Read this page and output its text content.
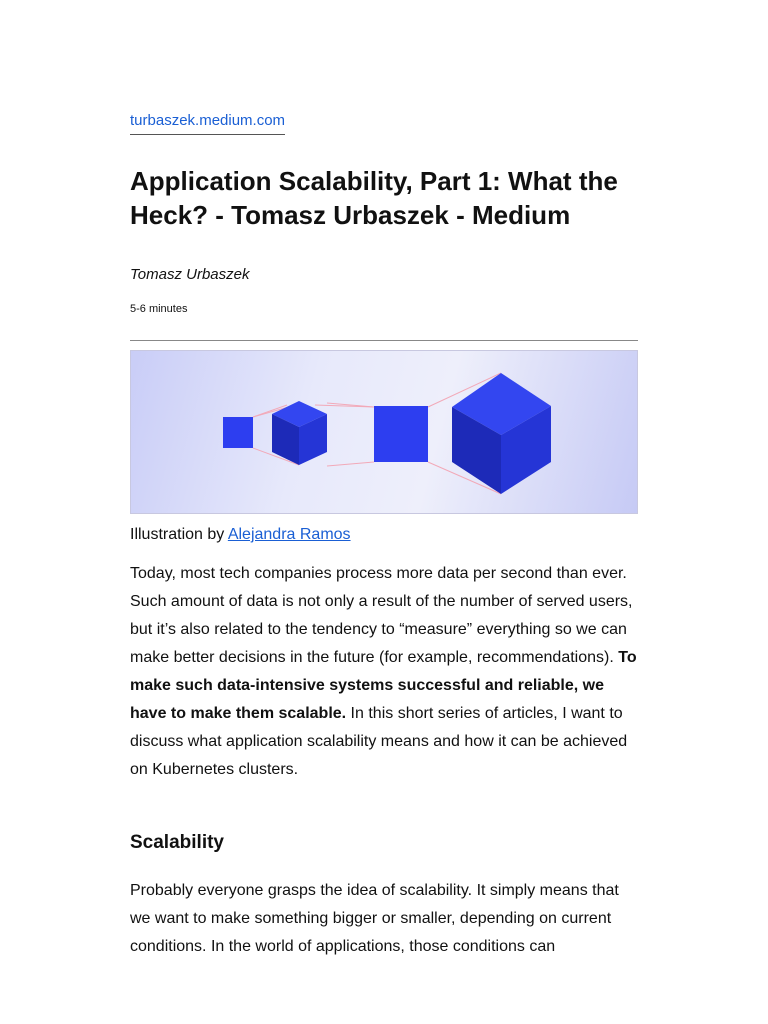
turbaszek.medium.com
Application Scalability, Part 1: What the Heck? - Tomasz Urbaszek - Medium

Tomasz Urbaszek

5-6 minutes

Illustration by Alejandra Ramos

Today, most tech companies process more data per second than ever. Such amount of data is not only a result of the number of served users, but it’s also related to the tendency to “measure” everything so we can make better decisions in the future (for example, recommendations). To make such data-intensive systems successful and reliable, we have to make them scalable. In this short series of articles, I want to discuss what application scalability means and how it can be achieved on Kubernetes clusters.

Scalability

Probably everyone grasps the idea of scalability. It simply means that we want to make something bigger or smaller, depending on current conditions. In the world of applications, those conditions can
